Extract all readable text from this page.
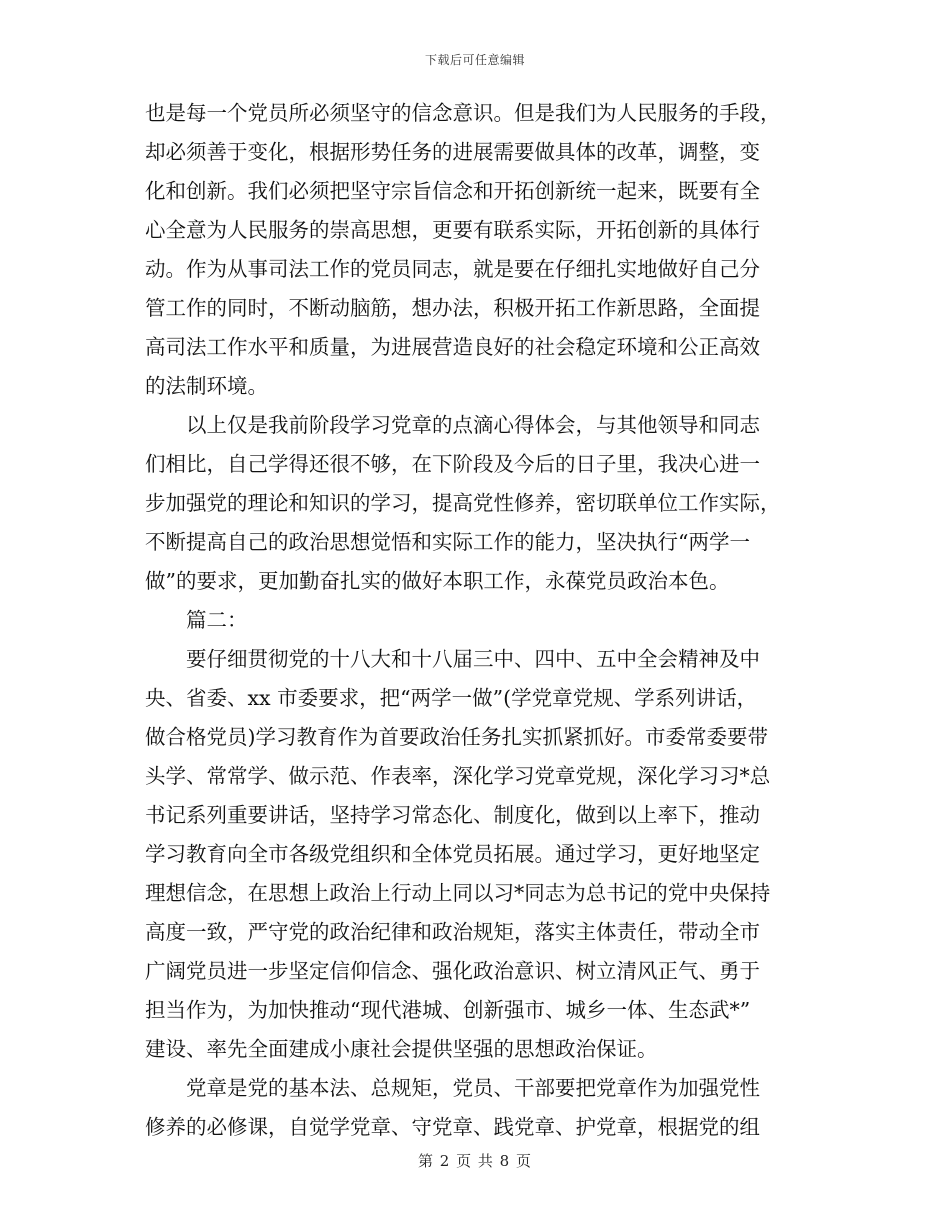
下载后可任意编辑
也是每一个党员所必须坚守的信念意识。但是我们为人民服务的手段，
却必须善于变化，根据形势任务的进展需要做具体的改革，调整，变
化和创新。我们必须把坚守宗旨信念和开拓创新统一起来，既要有全
心全意为人民服务的崇高思想，更要有联系实际，开拓创新的具体行
动。作为从事司法工作的党员同志，就是要在仔细扎实地做好自己分
管工作的同时，不断动脑筋，想办法，积极开拓工作新思路，全面提
高司法工作水平和质量，为进展营造良好的社会稳定环境和公正高效
的法制环境。
以上仅是我前阶段学习党章的点滴心得体会，与其他领导和同志
们相比，自己学得还很不够，在下阶段及今后的日子里，我决心进一
步加强党的理论和知识的学习，提高党性修养，密切联单位工作实际，
不断提高自己的政治思想觉悟和实际工作的能力，坚决执行“两学一
做”的要求，更加勤奋扎实的做好本职工作，永葆党员政治本色。
篇二：
要仔细贯彻党的十八大和十八届三中、四中、五中全会精神及中
央、省委、xx 市委要求，把“两学一做”(学党章党规、学系列讲话，
做合格党员)学习教育作为首要政治任务扎实抓紧抓好。市委常委要带
头学、常常学、做示范、作表率，深化学习党章党规，深化学习习*总
书记系列重要讲话，坚持学习常态化、制度化，做到以上率下，推动
学习教育向全市各级党组织和全体党员拓展。通过学习，更好地坚定
理想信念，在思想上政治上行动上同以习*同志为总书记的党中央保持
高度一致，严守党的政治纪律和政治规矩，落实主体责任，带动全市
广阔党员进一步坚定信仰信念、强化政治意识、树立清风正气、勇于
担当作为，为加快推动“现代港城、创新强市、城乡一体、生态武*”
建设、率先全面建成小康社会提供坚强的思想政治保证。
党章是党的基本法、总规矩，党员、干部要把党章作为加强党性
修养的必修课，自觉学党章、守党章、践党章、护党章，根据党的组
第 2 页 共 8 页
